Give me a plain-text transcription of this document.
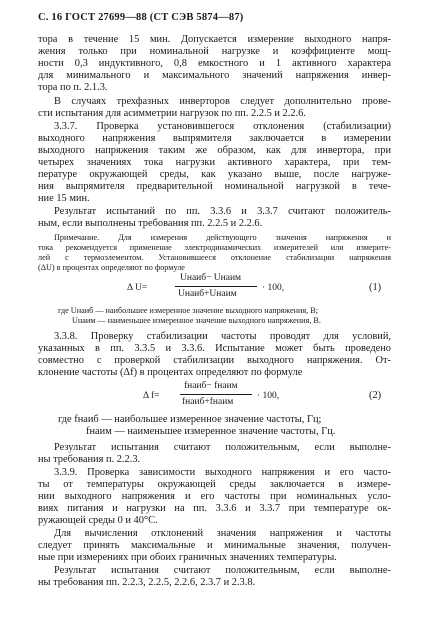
С. 16 ГОСТ 27699—88 (СТ СЭВ 5874—87)
тора в течение 15 мин. Допускается измерение выходного напря-
жения только при номинальной нагрузке и коэффициенте мощ-
ности 0,3 индуктивного, 0,8 емкостного и 1 активного характера
для минимального и максимального значений напряжения инвер-
тора по п. 2.1.3.
В случаях трехфазных инверторов следует дополнительно прове-
сти испытания для асимметрии нагрузок по пп. 2.2.5 и 2.2.6.
3.3.7. Проверка установившегося отклонения (стабилизации)
выходного напряжения выпрямителя заключается в измерении
выходного напряжения таким же образом, как для инвертора, при
четырех значениях тока нагрузки активного характера, при тем-
пературе окружающей среды, как указано выше, после нагруже-
ния выпрямителя предварительной номинальной нагрузкой в тече-
ние 15 мин.
Результат испытаний по пп. 3.3.6 и 3.3.7 считают положитель-
ным, если выполнены требования пп. 2.2.5 и 2.2.6.
Примечание. Для измерения действующего значения напряжения и
тока рекомендуется применение электродинамических измерителей или измерите-
лей с термоэлементом. Установившееся отклонение стабилизации напряжения
(ΔU) в процентах определяют по формуле
Δ U=
Uнаиб− Uнаим
Uнаиб+Uнаим
· 100,	(1)
где Uнаиб — наибольшее измеренное значение выходного напряжения, В;
Uнаим — наименьшее измеренное значение выходного напряжения, В.
3.3.8. Проверку стабилизации частоты проводят для условий,
указанных в пп. 3.3.5 и 3.3.6. Испытание может быть проведено
совместно с проверкой стабилизации выходного напряжения. От-
клонение частоты (Δf) в процентах определяют по формуле
Δ f=
fнаиб− fнаим
fнаиб+fнаим
· 100,	(2)
где fнаиб — наибольшее измеренное значение частоты, Гц;
fнаим — наименьшее измеренное значение частоты, Гц.
Результат испытания считают положительным, если выполне-
ны требования п. 2.2.3.
3.3.9. Проверка зависимости выходного напряжения и его часто-
ты от температуры окружающей среды заключается в измере-
нии выходного напряжения и его частоты при номинальных усло-
виях питания и нагрузки на пп. 3.3.6 и 3.3.7 при температуре ок-
ружающей среды 0 и 40°С.
Для вычисления отклонений значения напряжения и частоты
следует принять максимальные и минимальные значения, получен-
ные при измерениях при обоих граничных значениях температуры.
Результат испытания считают положительным, если выполне-
ны требования пп. 2.2.3, 2.2.5, 2.2.6, 2.3.7 и 2.3.8.
